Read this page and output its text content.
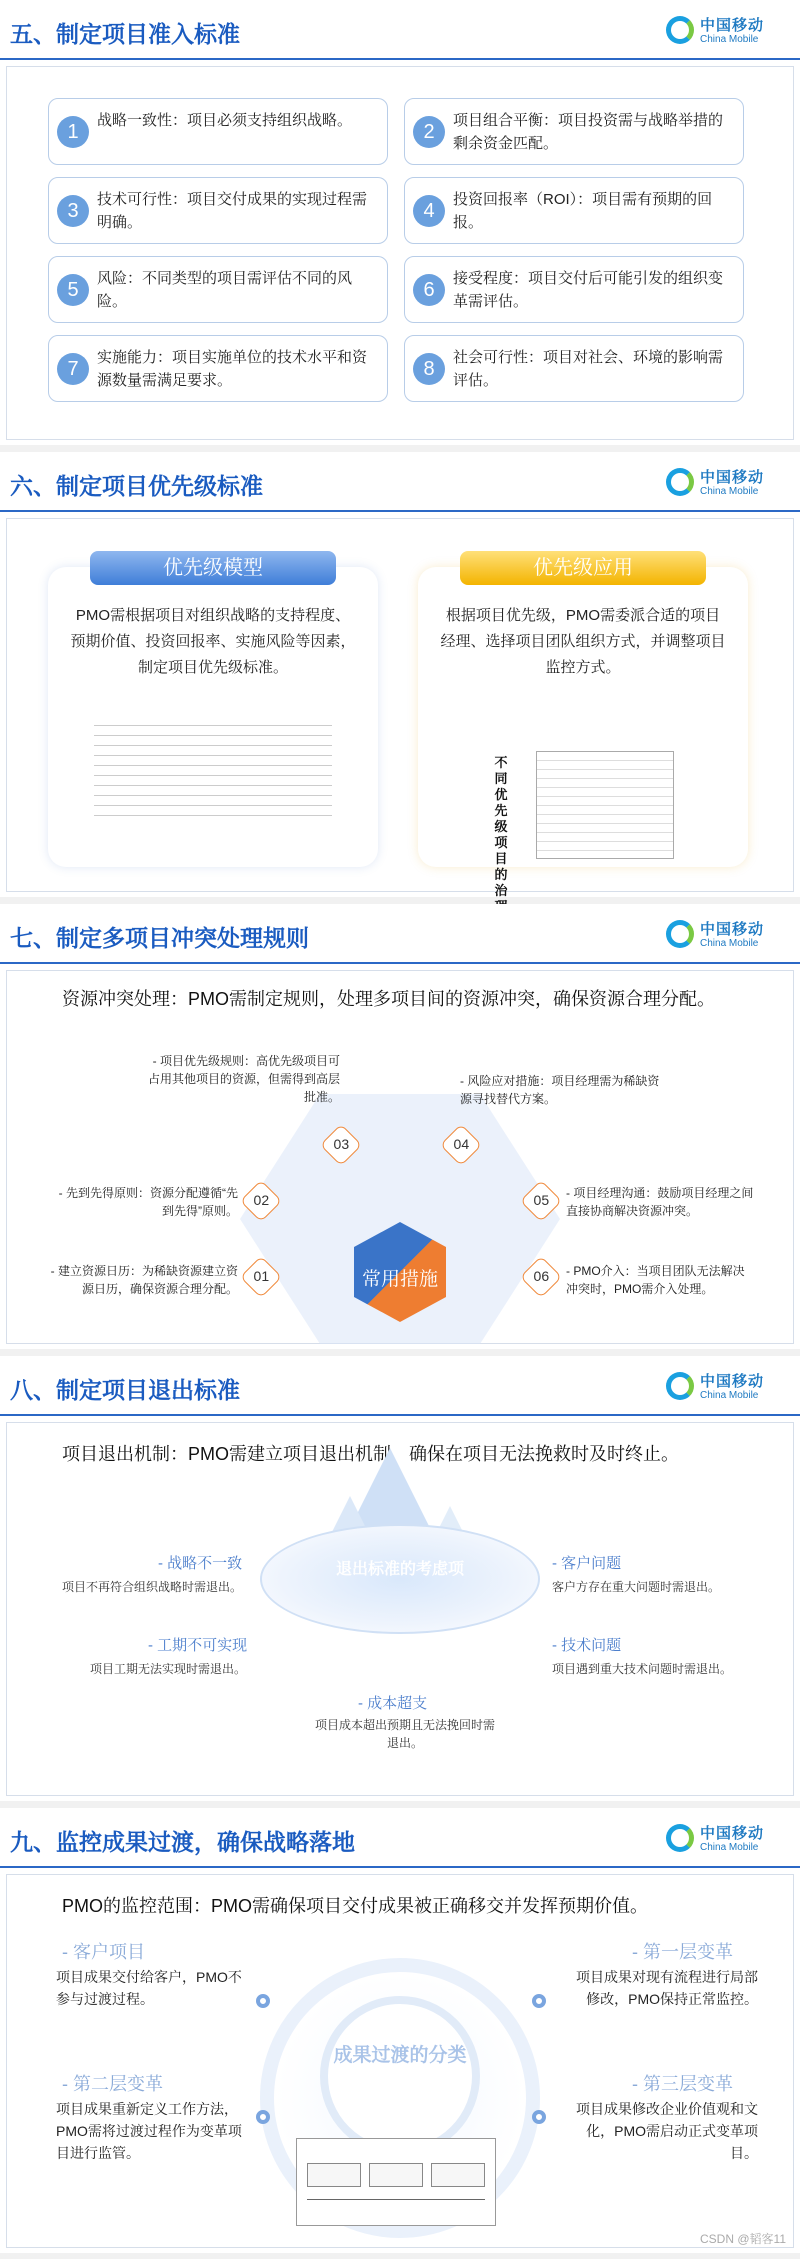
五、制定项目准入标准	中国移动
China Mobile
1
战略一致性：项目必须支持组织战略。
2
项目组合平衡：项目投资需与战略举措的剩余资金匹配。
3
技术可行性：项目交付成果的实现过程需明确。
4
投资回报率（ROI）：项目需有预期的回报。
5
风险：不同类型的项目需评估不同的风险。
6
接受程度：项目交付后可能引发的组织变革需评估。
7
实施能力：项目实施单位的技术水平和资源数量需满足要求。
8
社会可行性：项目对社会、环境的影响需评估。
六、制定项目优先级标准	中国移动
China Mobile
优先级模型
PMO需根据项目对组织战略的支持程度、预期价值、投资回报率、实施风险等因素，制定项目优先级标准。

优先级应用
根据项目优先级，PMO需委派合适的项目经理、选择项目团队组织方式，并调整项目监控方式。
不同优先级项目的治
七、制定多项目冲突处理规则	中国移动
China Mobile
资源冲突处理：PMO需制定规则，处理多项目间的资源冲突，确保资源合理分配。
常用措施
01
02
03	04
05
06
- 建立资源日历：为稀缺资源建立资源日历，确保资源合理分配。
- 先到先得原则：资源分配遵循“先到先得”原则。
- 项目优先级规则：高优先级项目可占用其他项目的资源，但需得到高层批准。
- 风险应对措施：项目经理需为稀缺资源寻找替代方案。
- 项目经理沟通：鼓励项目经理之间直接协商解决资源冲突。
- PMO介入：当项目团队无法解决冲突时，PMO需介入处理。
八、制定项目退出标准	中国移动
China Mobile
项目退出机制：PMO需建立项目退出机制，确保在项目无法挽救时及时终止。
退出标准的考虑项
- 战略不一致
项目不再符合组织战略时需退出。
- 工期不可实现
项目工期无法实现时需退出。
- 成本超支
项目成本超出预期且无法挽回时需退出。
- 客户问题
客户方存在重大问题时需退出。
- 技术问题
项目遇到重大技术问题时需退出。
九、监控成果过渡，确保战略落地	中国移动
China Mobile
PMO的监控范围：PMO需确保项目交付成果被正确移交并发挥预期价值。
成果过渡的分类
- 客户项目
项目成果交付给客户，PMO不参与过渡过程。
- 第二层变革
项目成果重新定义工作方法，PMO需将过渡过程作为变革项目进行监管。
- 第一层变革
项目成果对现有流程进行局部修改，PMO保持正常监控。
- 第三层变革
项目成果修改企业价值观和文化，PMO需启动正式变革项目。
CSDN @韬客11
